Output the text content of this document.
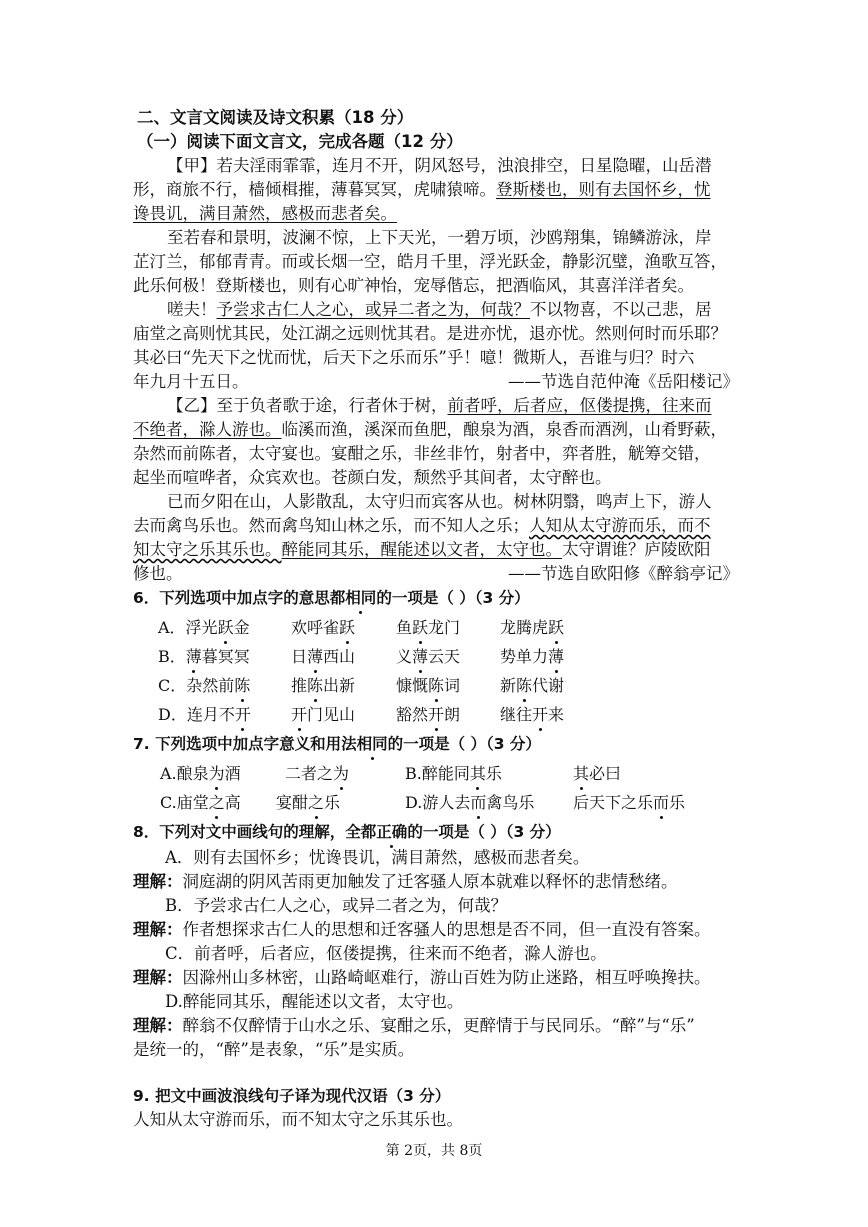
二、文言文阅读及诗文积累（18 分）
（一）阅读下面文言文，完成各题（12 分）
【甲】若夫淫雨霏霏，连月不开，阴风怒号，浊浪排空，日星隐曜，山岳潜
形，商旅不行，樯倾楫摧，薄暮冥冥，虎啸猿啼。登斯楼也，则有去国怀乡，忧
谗畏讥，满目萧然，感极而悲者矣。
至若春和景明，波澜不惊，上下天光，一碧万顷，沙鸥翔集，锦鳞游泳，岸
芷汀兰，郁郁青青。而或长烟一空，皓月千里，浮光跃金，静影沉璧，渔歌互答，
此乐何极！登斯楼也，则有心旷神怡，宠辱偕忘，把酒临风，其喜洋洋者矣。
嗟夫！予尝求古仁人之心，或异二者之为，何哉？不以物喜，不以己悲，居
庙堂之高则忧其民，处江湖之远则忧其君。是进亦忧，退亦忧。然则何时而乐耶？
其必曰“先天下之忧而忧，后天下之乐而乐”乎！噫！微斯人，吾谁与归？时六
年九月十五日。	——节选自范仲淹《岳阳楼记》
【乙】至于负者歌于途，行者休于树，前者呼，后者应，伛偻提携，往来而
不绝者，滁人游也。临溪而渔，溪深而鱼肥，酿泉为酒，泉香而酒洌，山肴野蔌，
杂然而前陈者，太守宴也。宴酣之乐，非丝非竹，射者中，弈者胜，觥筹交错，
起坐而喧哗者，众宾欢也。苍颜白发，颓然乎其间者，太守醉也。
已而夕阳在山，人影散乱，太守归而宾客从也。树林阴翳，鸣声上下，游人
去而禽鸟乐也。然而禽鸟知山林之乐，而不知人之乐；人知从太守游而乐，而不
知太守之乐其乐也。醉能同其乐，醒能述以文者，太守也。太守谓谁？庐陵欧阳
修也。	——节选自欧阳修《醉翁亭记》
6．下列选项中加点字的意思都相同的一项是（ ）（3 分）
A．浮光跃金	欢呼雀跃	鱼跃龙门 龙腾虎跃
B．薄暮冥冥	日薄西山	义薄云天 势单力薄
C．杂然前陈	推陈出新	慷慨陈词 新陈代谢
D．连月不开	开门见山	豁然开朗 继往开来
7. 下列选项中加点字意义和用法相同的一项是（ ）（3 分）
A.酿泉为酒	二者之为	B.醉能同其乐	其必曰
C.庙堂之高 宴酣之乐	D.游人去而禽鸟乐 后天下之乐而乐
8．下列对文中画线句的理解，全都正确的一项是（ ）（3 分）
A．则有去国怀乡；忧谗畏讥，满目萧然，感极而悲者矣。
理解：洞庭湖的阴风苦雨更加触发了迁客骚人原本就难以释怀的悲情愁绪。
B．予尝求古仁人之心，或异二者之为，何哉？
理解：作者想探求古仁人的思想和迁客骚人的思想是否不同，但一直没有答案。
C．前者呼，后者应，伛偻提携，往来而不绝者，滁人游也。
理解：因滁州山多林密，山路崎岖难行，游山百姓为防止迷路，相互呼唤搀扶。
D.醉能同其乐，醒能述以文者，太守也。
理解：醉翁不仅醉情于山水之乐、宴酣之乐，更醉情于与民同乐。“醉”与“乐”
是统一的，“醉”是表象，“乐”是实质。
9. 把文中画波浪线句子译为现代汉语（3 分）
人知从太守游而乐，而不知太守之乐其乐也。
第 2页，共 8页
